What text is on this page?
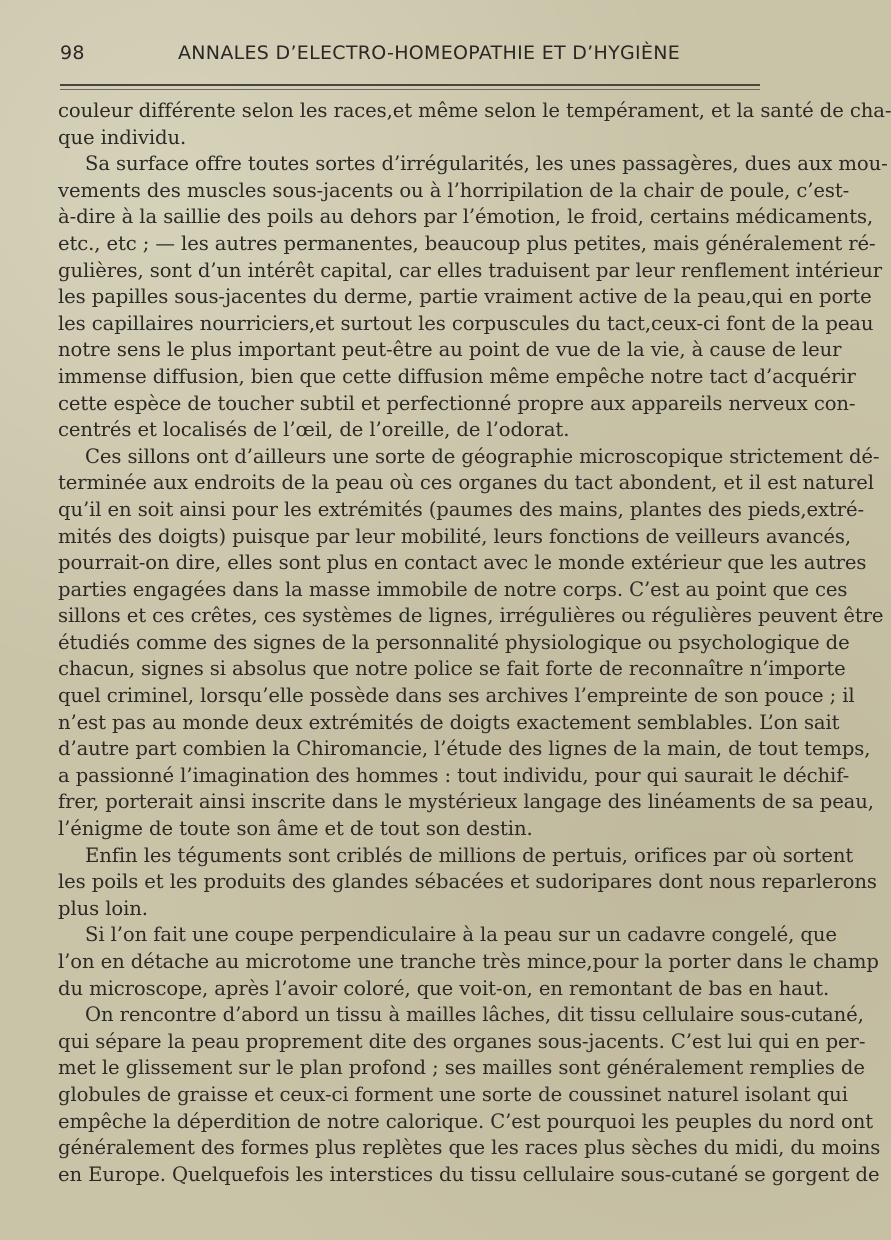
98	ANNALES D’ELECTRO-HOMEOPATHIE ET D’HYGIÈNE
couleur différente selon les races,et même selon le tempérament, et la santé de cha-
que individu.
Sa surface offre toutes sortes d’irrégularités, les unes passagères, dues aux mou-
vements des muscles sous-jacents ou à l’horripilation de la chair de poule, c’est-
à-dire à la saillie des poils au dehors par l’émotion, le froid, certains médicaments,
etc., etc ; — les autres permanentes, beaucoup plus petites, mais généralement ré-
gulières, sont d’un intérêt capital, car elles traduisent par leur renflement intérieur
les papilles sous-jacentes du derme, partie vraiment active de la peau,qui en porte
les capillaires nourriciers,et surtout les corpuscules du tact,ceux-ci font de la peau
notre sens le plus important peut-être au point de vue de la vie, à cause de leur
immense diffusion, bien que cette diffusion même empêche notre tact d’acquérir
cette espèce de toucher subtil et perfectionné propre aux appareils nerveux con-
centrés et localisés de l’œil, de l’oreille, de l’odorat.
Ces sillons ont d’ailleurs une sorte de géographie microscopique strictement dé-
terminée aux endroits de la peau où ces organes du tact abondent, et il est naturel
qu’il en soit ainsi pour les extrémités (paumes des mains, plantes des pieds,extré-
mités des doigts) puisque par leur mobilité, leurs fonctions de veilleurs avancés,
pourrait-on dire, elles sont plus en contact avec le monde extérieur que les autres
parties engagées dans la masse immobile de notre corps. C’est au point que ces
sillons et ces crêtes, ces systèmes de lignes, irrégulières ou régulières peuvent être
étudiés comme des signes de la personnalité physiologique ou psychologique de
chacun, signes si absolus que notre police se fait forte de reconnaître n’importe
quel criminel, lorsqu’elle possède dans ses archives l’empreinte de son pouce ; il
n’est pas au monde deux extrémités de doigts exactement semblables. L’on sait
d’autre part combien la Chiromancie, l’étude des lignes de la main, de tout temps,
a passionné l’imagination des hommes : tout individu, pour qui saurait le déchif-
frer, porterait ainsi inscrite dans le mystérieux langage des linéaments de sa peau,
l’énigme de toute son âme et de tout son destin.
Enfin les téguments sont criblés de millions de pertuis, orifices par où sortent
les poils et les produits des glandes sébacées et sudoripares dont nous reparlerons
plus loin.
Si l’on fait une coupe perpendiculaire à la peau sur un cadavre congelé, que
l’on en détache au microtome une tranche très mince,pour la porter dans le champ
du microscope, après l’avoir coloré, que voit-on, en remontant de bas en haut.
On rencontre d’abord un tissu à mailles lâches, dit tissu cellulaire sous-cutané,
qui sépare la peau proprement dite des organes sous-jacents. C’est lui qui en per-
met le glissement sur le plan profond ; ses mailles sont généralement remplies de
globules de graisse et ceux-ci forment une sorte de coussinet naturel isolant qui
empêche la déperdition de notre calorique. C’est pourquoi les peuples du nord ont
généralement des formes plus replètes que les races plus sèches du midi, du moins
en Europe. Quelquefois les interstices du tissu cellulaire sous-cutané se gorgent de
